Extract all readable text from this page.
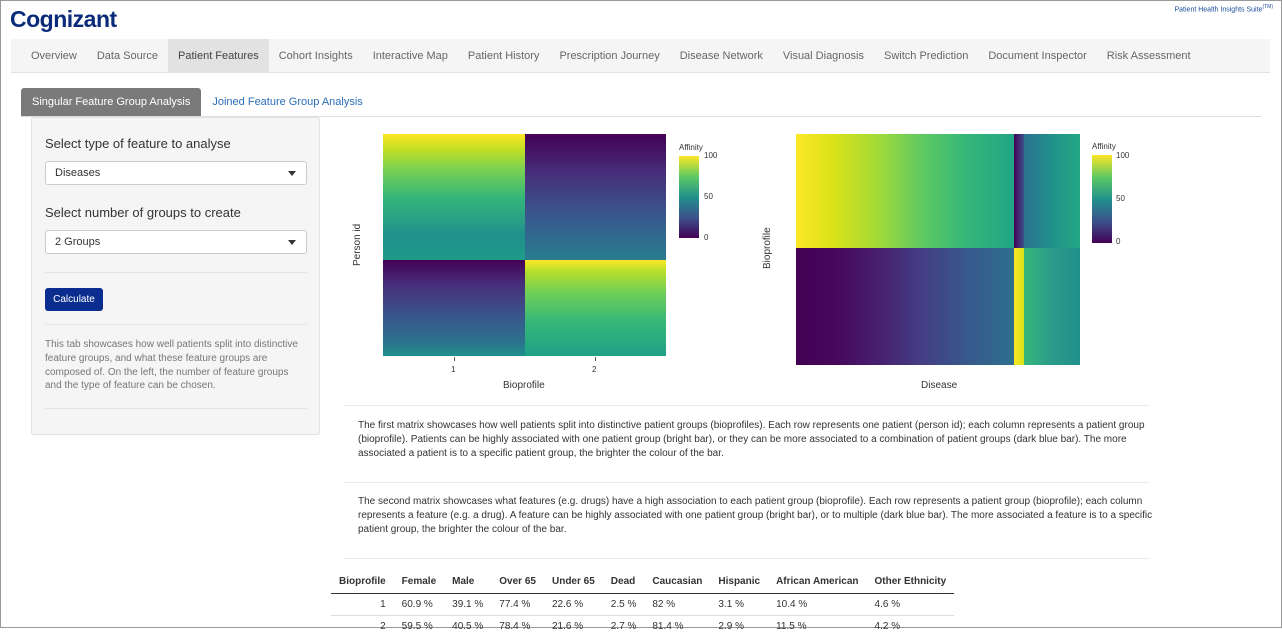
Cognizant	Patient Health Insights Suite$^{(TM)}$
Overview	Data Source	Patient Features	Cohort Insights	Interactive Map	Patient History	Prescription Journey	Disease Network	Visual Diagnosis	Switch Prediction	Document Inspector	Risk Assessment
Singular Feature Group Analysis	Joined Feature Group Analysis
Select type of feature to analyse
Diseases
Select number of groups to create
2 Groups
Calculate
This tab showcases how well patients split into distinctive feature groups, and what these feature groups are composed of. On the left, the number of feature groups and the type of feature can be chosen.
Person id
1	2
Bioprofile
Affinity
100
50
0	Bioprofile
Disease
Affinity
100
50
0
The first matrix showcases how well patients split into distinctive patient groups (bioprofiles). Each row represents one patient (person id); each column represents a patient group (bioprofile). Patients can be highly associated with one patient group (bright bar), or they can be more associated to a combination of patient groups (dark blue bar). The more associated a patient is to a specific patient group, the brighter the colour of the bar.
The second matrix showcases what features (e.g. drugs) have a high association to each patient group (bioprofile). Each row represents a patient group (bioprofile); each column represents a feature (e.g. a drug). A feature can be highly associated with one patient group (bright bar), or to multiple (dark blue bar). The more associated a feature is to a specific patient group, the brighter the colour of the bar.
Bioprofile	Female	Male	Over 65	Under 65	Dead	Caucasian	Hispanic	African American	Other Ethnicity
1	60.9 %	39.1 %	77.4 %	22.6 %	2.5 %	82 %	3.1 %	10.4 %	4.6 %
2	59.5 %	40.5 %	78.4 %	21.6 %	2.7 %	81.4 %	2.9 %	11.5 %	4.2 %
